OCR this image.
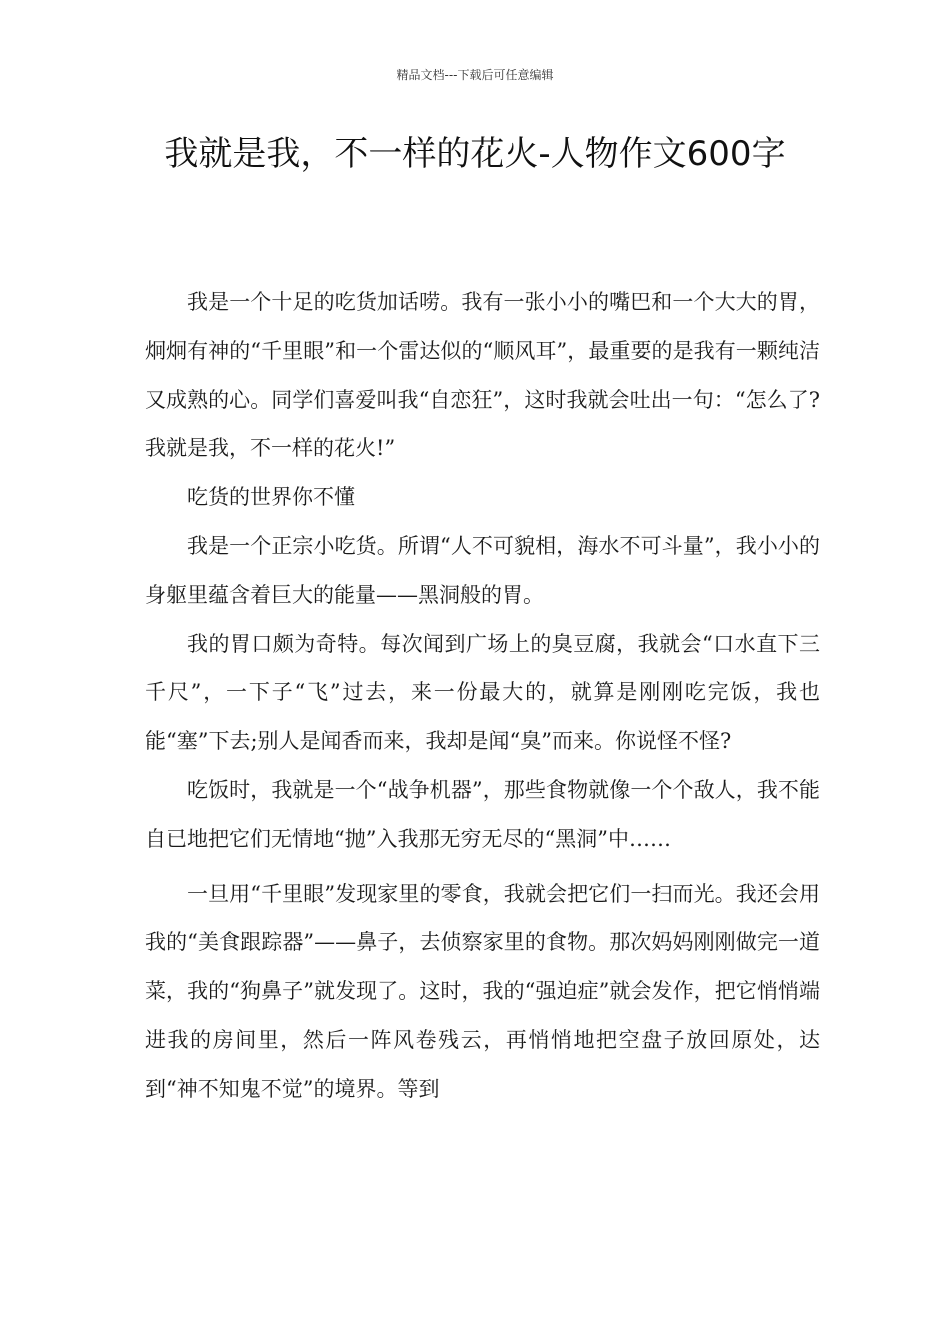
精品文档---下载后可任意编辑
我就是我，不一样的花火-人物作文600字

我是一个十足的吃货加话唠。我有一张小小的嘴巴和一个大大的胃，炯炯有神的“千里眼”和一个雷达似的“顺风耳”，最重要的是我有一颗纯洁又成熟的心。同学们喜爱叫我“自恋狂”，这时我就会吐出一句：“怎么了?我就是我，不一样的花火!”

吃货的世界你不懂

我是一个正宗小吃货。所谓“人不可貌相，海水不可斗量”，我小小的身躯里蕴含着巨大的能量——黑洞般的胃。

我的胃口颇为奇特。每次闻到广场上的臭豆腐，我就会“口水直下三千尺”，一下子“飞”过去，来一份最大的，就算是刚刚吃完饭，我也能“塞”下去;别人是闻香而来，我却是闻“臭”而来。你说怪不怪?

吃饭时，我就是一个“战争机器”，那些食物就像一个个敌人，我不能自已地把它们无情地“抛”入我那无穷无尽的“黑洞”中……

一旦用“千里眼”发现家里的零食，我就会把它们一扫而光。我还会用我的“美食跟踪器”——鼻子，去侦察家里的食物。那次妈妈刚刚做完一道菜，我的“狗鼻子”就发现了。这时，我的“强迫症”就会发作，把它悄悄端进我的房间里，然后一阵风卷残云，再悄悄地把空盘子放回原处，达到“神不知鬼不觉”的境界。等到
